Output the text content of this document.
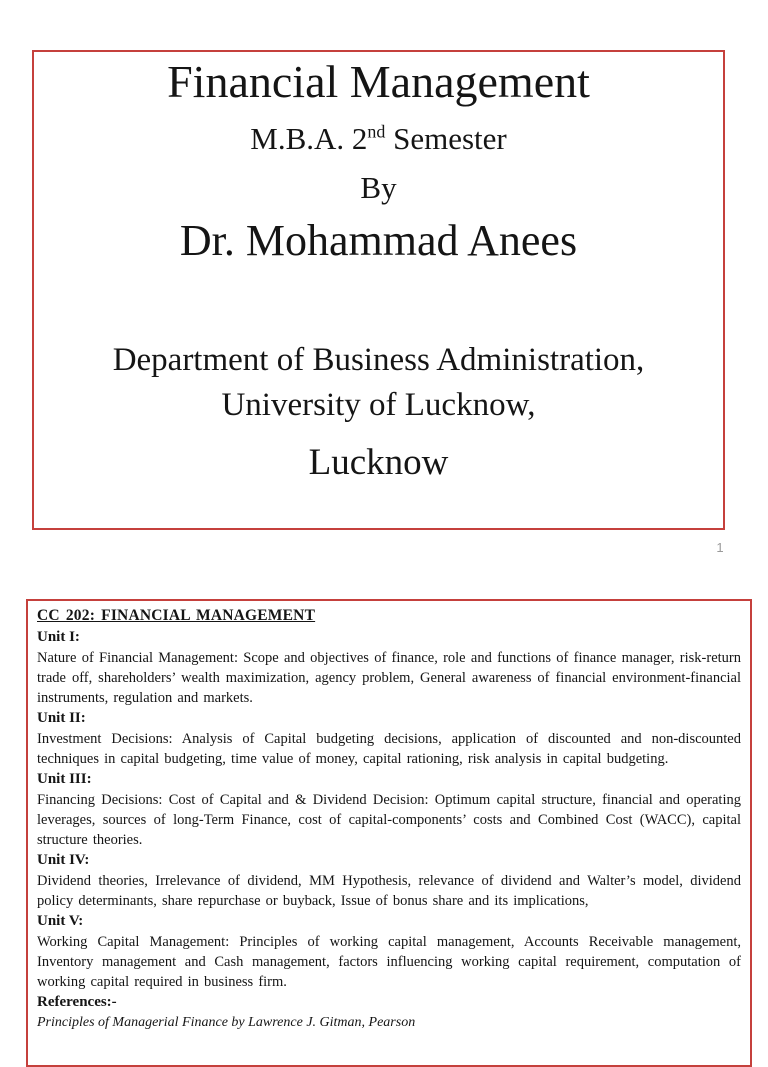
Financial Management
M.B.A. 2nd Semester
By
Dr. Mohammad Anees
Department of Business Administration,
University of Lucknow,
Lucknow
1
CC 202: FINANCIAL MANAGEMENT
Unit I:

Nature of Financial Management: Scope and objectives of finance, role and functions of finance manager, risk-return trade off, shareholders’ wealth maximization, agency problem, General awareness of financial environment-financial instruments, regulation and markets.

Unit II:

Investment Decisions: Analysis of Capital budgeting decisions, application of discounted and non-discounted techniques in capital budgeting, time value of money, capital rationing, risk analysis in capital budgeting.

Unit III:

Financing Decisions: Cost of Capital and & Dividend Decision: Optimum capital structure, financial and operating leverages, sources of long-Term Finance, cost of capital-components’ costs and Combined Cost (WACC), capital structure theories.

Unit IV:

Dividend theories, Irrelevance of dividend, MM Hypothesis, relevance of dividend and Walter’s model, dividend policy determinants, share repurchase or buyback, Issue of bonus share and its implications,

Unit V:

Working Capital Management: Principles of working capital management, Accounts Receivable management, Inventory management and Cash management, factors influencing working capital requirement, computation of working capital required in business firm.

References:-

Principles of Managerial Finance by Lawrence J. Gitman, Pearson
